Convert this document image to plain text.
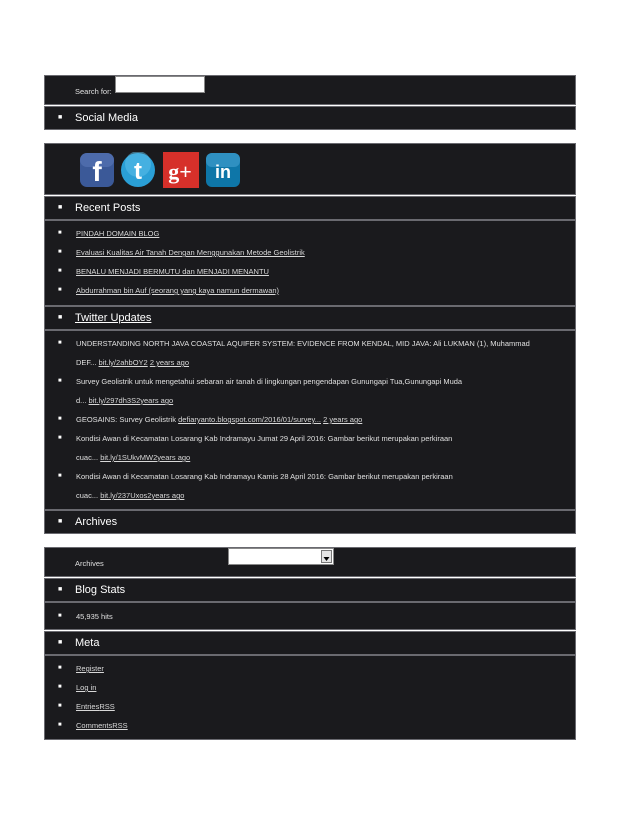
Search for:
■ Social Media
f t g+ in
■ Recent Posts
■ PINDAH DOMAIN BLOG
■ Evaluasi Kualitas Air Tanah Dengan Menggunakan Metode Geolistrik
■ BENALU MENJADI BERMUTU dan MENJADI MENANTU
■ Abdurrahman bin Auf (seorang yang kaya namun dermawan)
■ Twitter Updates
■ UNDERSTANDING NORTH JAVA COASTAL AQUIFER SYSTEM: EVIDENCE FROM KENDAL, MID JAVA: Ali LUKMAN (1), Muhammad
DEF... bit.ly/2ahbOY2 2 years ago
■ Survey Geolistrik untuk mengetahui sebaran air tanah di lingkungan pengendapan Gunungapi Tua,Gunungapi Muda
d... bit.ly/297dh3S2years ago
■ GEOSAINS: Survey Geolistrik defiaryanto.blogspot.com/2016/01/survey... 2 years ago
■ Kondisi Awan di Kecamatan Losarang Kab Indramayu Jumat 29 April 2016: Gambar berikut merupakan perkiraan
cuac... bit.ly/1SUkvMW2years ago
■ Kondisi Awan di Kecamatan Losarang Kab Indramayu Kamis 28 April 2016: Gambar berikut merupakan perkiraan
cuac... bit.ly/237Uxos2years ago
■ Archives
Archives
■ Blog Stats
■ 45,935 hits
■ Meta
■ Register
■ Log in
■ EntriesRSS
■ CommentsRSS
